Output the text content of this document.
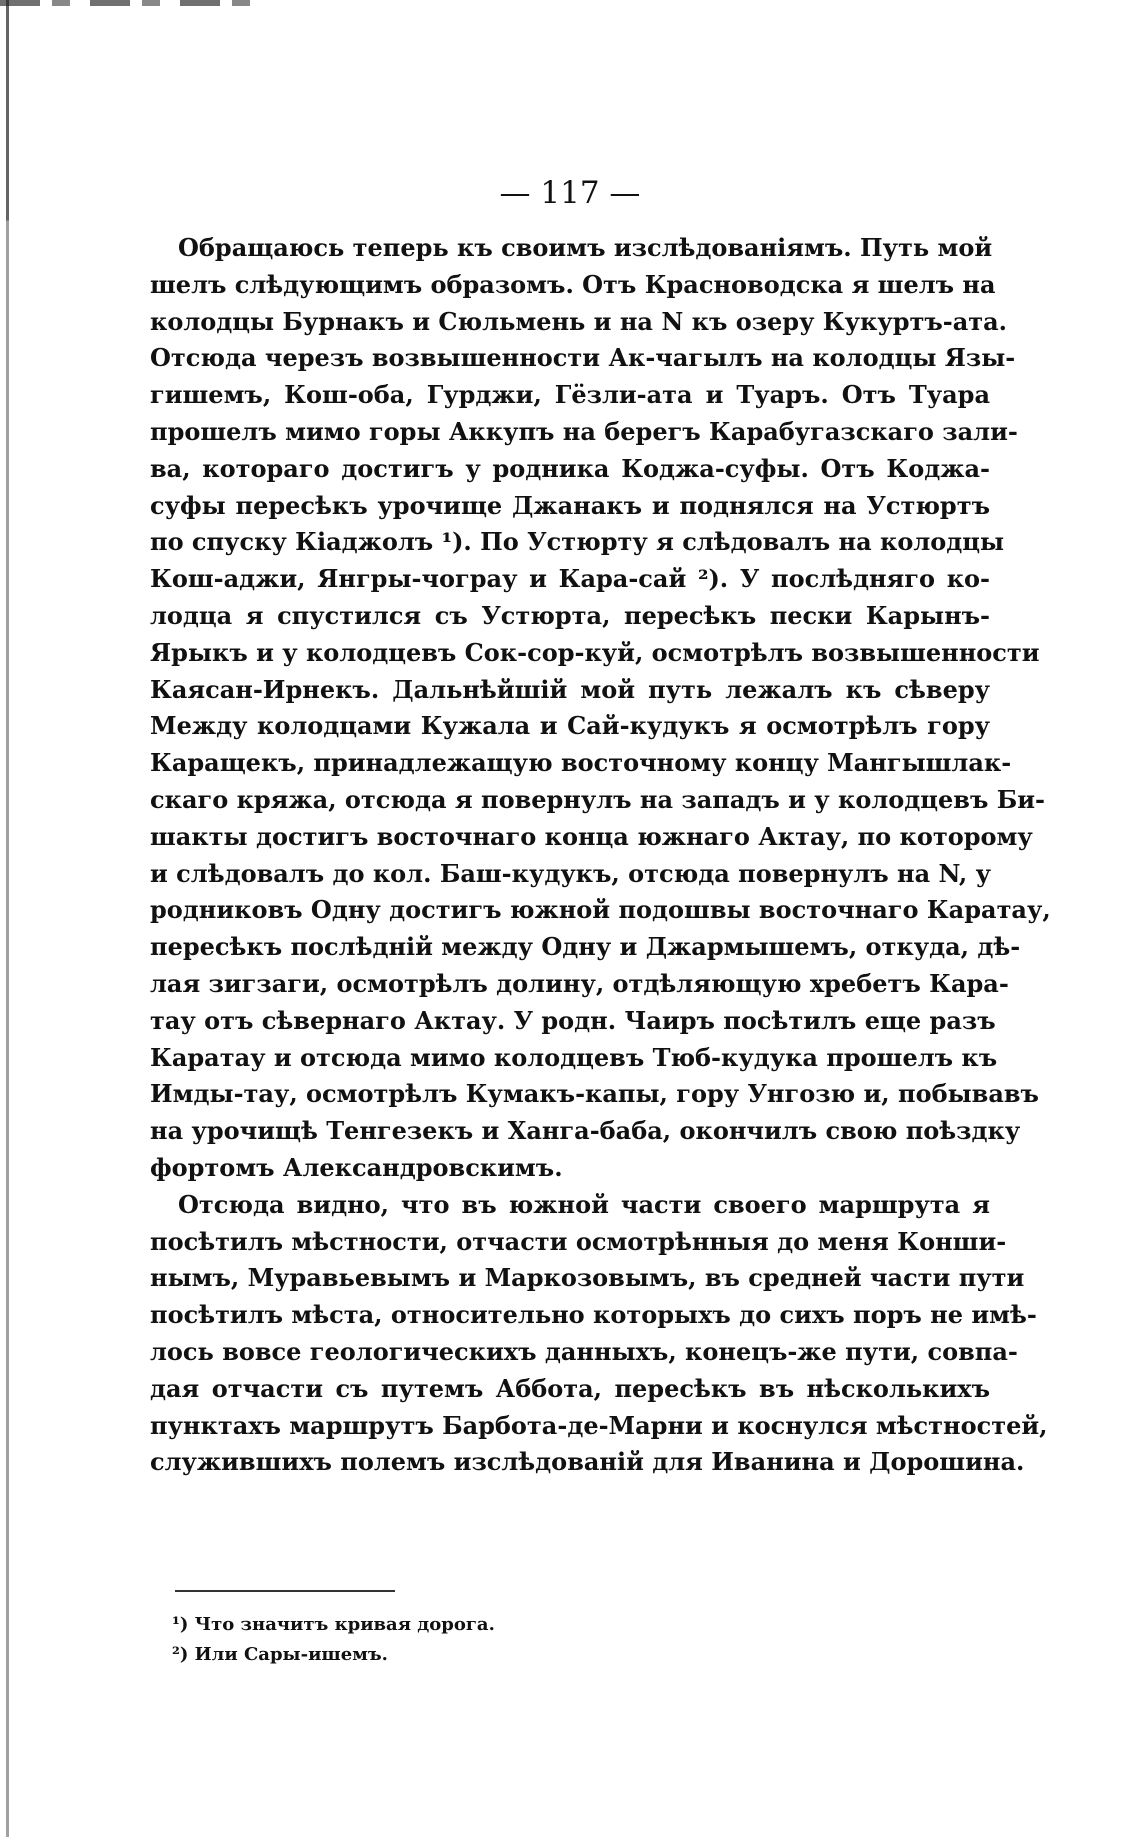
— 117 —
Обращаюсь теперь къ своимъ изслѣдованіямъ. Путь мой
шелъ слѣдующимъ образомъ. Отъ Красноводска я шелъ на
колодцы Бурнакъ и Сюльмень и на N къ озеру Кукуртъ-ата.
Отсюда черезъ возвышенности Ак-чагылъ на колодцы Язы-
гишемъ, Кош-оба, Гурджи, Гёзли-ата и Туаръ. Отъ Туара
прошелъ мимо горы Аккупъ на берегъ Карабугазскаго зали-
ва, котораго достигъ у родника Коджа-суфы. Отъ Коджа-
суфы пересѣкъ урочище Джанакъ и поднялся на Устюртъ
по спуску Кіаджолъ ¹). По Устюрту я слѣдовалъ на колодцы
Кош-аджи, Янгры-чограу и Кара-сай ²). У послѣдняго ко-
лодца я спустился съ Устюрта, пересѣкъ пески Карынъ-
Ярыкъ и у колодцевъ Сок-сор-куй, осмотрѣлъ возвышенности
Каясан-Ирнекъ. Дальнѣйшій мой путь лежалъ къ сѣверу
Между колодцами Кужала и Сай-кудукъ я осмотрѣлъ гору
Каращекъ, принадлежащую восточному концу Мангышлак-
скаго кряжа, отсюда я повернулъ на западъ и у колодцевъ Би-
шакты достигъ восточнаго конца южнаго Актау, по которому
и слѣдовалъ до кол. Баш-кудукъ, отсюда повернулъ на N, у
родниковъ Одну достигъ южной подошвы восточнаго Каратау,
пересѣкъ послѣдній между Одну и Джармышемъ, откуда, дѣ-
лая зигзаги, осмотрѣлъ долину, отдѣляющую хребетъ Кара-
тау отъ сѣвернаго Актау. У родн. Чаиръ посѣтилъ еще разъ
Каратау и отсюда мимо колодцевъ Тюб-кудука прошелъ къ
Имды-тау, осмотрѣлъ Кумакъ-капы, гору Унгозю и, побывавъ
на урочищѣ Тенгезекъ и Ханга-баба, окончилъ свою поѣздку
фортомъ Александровскимъ.
Отсюда видно, что въ южной части своего маршрута я
посѣтилъ мѣстности, отчасти осмотрѣнныя до меня Конши-
нымъ, Муравьевымъ и Маркозовымъ, въ средней части пути
посѣтилъ мѣста, относительно которыхъ до сихъ поръ не имѣ-
лось вовсе геологическихъ данныхъ, конецъ-же пути, совпа-
дая отчасти съ путемъ Аббота, пересѣкъ въ нѣсколькихъ
пунктахъ маршрутъ Барбота-де-Марни и коснулся мѣстностей,
служившихъ полемъ изслѣдованій для Иванина и Дорошина.
¹) Что значитъ кривая дорога.
²) Или Сары-ишемъ.
